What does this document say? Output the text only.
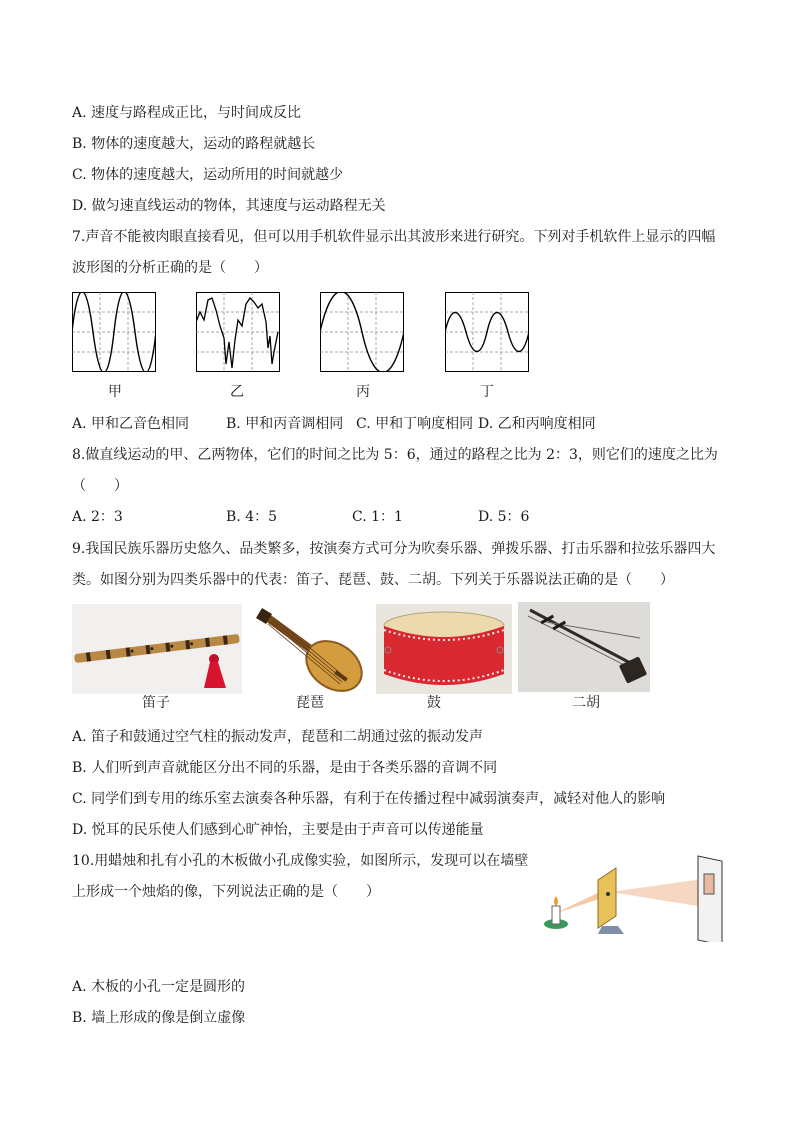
A. 速度与路程成正比，与时间成反比
B. 物体的速度越大，运动的路程就越长
C. 物体的速度越大，运动所用的时间就越少
D. 做匀速直线运动的物体，其速度与运动路程无关
7.声音不能被肉眼直接看见，但可以用手机软件显示出其波形来进行研究。下列对手机软件上显示的四幅
波形图的分析正确的是（　　）
甲	乙	丙	丁
A. 甲和乙音色相同	B. 甲和丙音调相同 C. 甲和丁响度相同 D. 乙和丙响度相同
8.做直线运动的甲、乙两物体，它们的时间之比为 5：6，通过的路程之比为 2：3，则它们的速度之比为
（　　）
A. 2：3	B. 4：5	C. 1：1	D. 5：6
9.我国民族乐器历史悠久、品类繁多，按演奏方式可分为吹奏乐器、弹拨乐器、打击乐器和拉弦乐器四大
类。如图分别为四类乐器中的代表：笛子、琵琶、鼓、二胡。下列关于乐器说法正确的是（　　）
笛子	琵琶	鼓	二胡
A. 笛子和鼓通过空气柱的振动发声，琵琶和二胡通过弦的振动发声
B. 人们听到声音就能区分出不同的乐器，是由于各类乐器的音调不同
C. 同学们到专用的练乐室去演奏各种乐器，有利于在传播过程中减弱演奏声，减轻对他人的影响
D. 悦耳的民乐使人们感到心旷神怡，主要是由于声音可以传递能量
10.用蜡烛和扎有小孔的木板做小孔成像实验，如图所示，发现可以在墙壁
上形成一个烛焰的像，下列说法正确的是（　　）
A. 木板的小孔一定是圆形的
B. 墙上形成的像是倒立虚像
